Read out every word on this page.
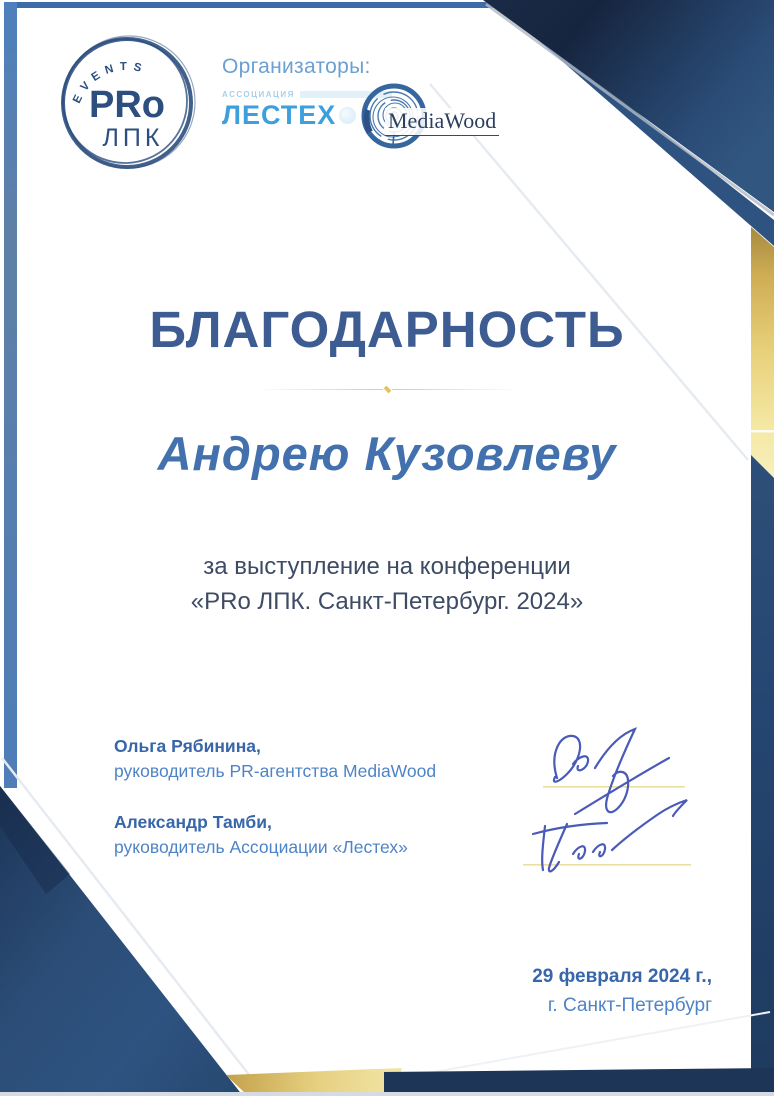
EVENTS
PRo
ЛПК
Организаторы:
АССОЦИАЦИЯ
ЛЕСТЕХ	MediaWood
БЛАГОДАРНОСТЬ
Андрею Кузовлеву
за выступление на конференции
«PRo ЛПК. Санкт-Петербург. 2024»
Ольга Рябинина,
руководитель PR-агентства MediaWood
Александр Тамби,
руководитель Ассоциации «Лестех»
29 февраля 2024 г.,
г. Санкт-Петербург
